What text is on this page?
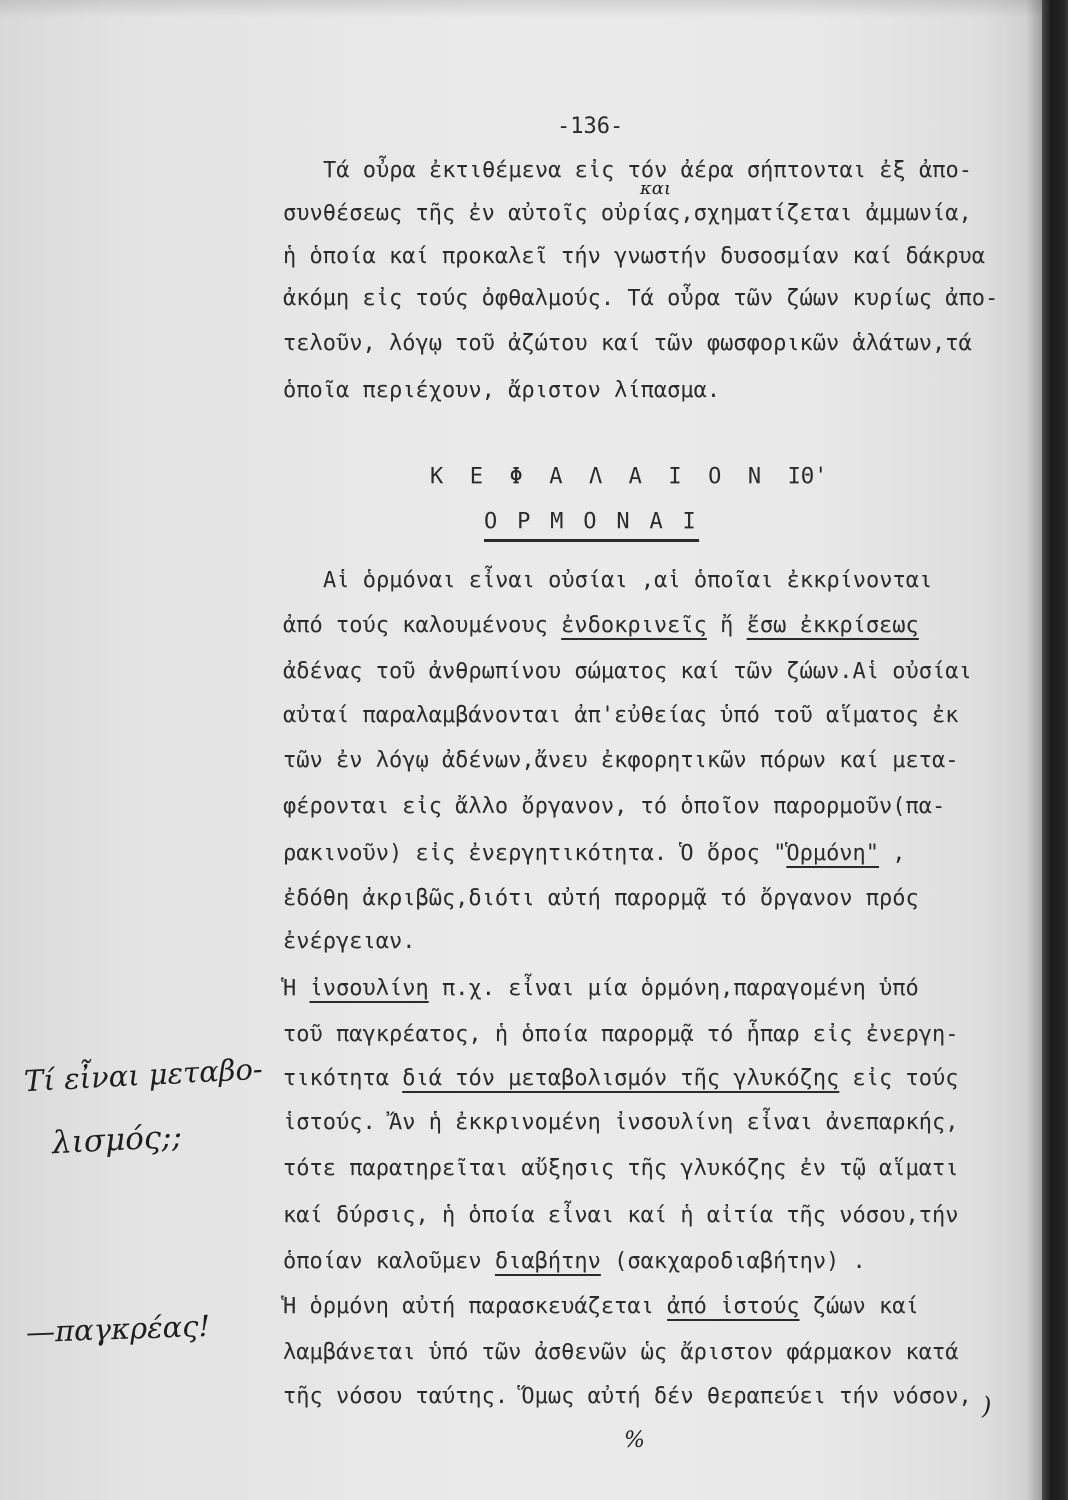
-136-
Τά οὖρα ἐκτιθέμενα εἰς τόν ἀέρα σήπτονται ἐξ ἀπο-
συνθέσεως τῆς ἐν αὐτοῖς οὐρίας,σχηματίζεται ἀμμωνία,
ἡ ὁποία καί προκαλεῖ τήν γνωστήν δυσοσμίαν καί δάκρυα
ἀκόμη εἰς τούς ὀφθαλμούς. Τά οὖρα τῶν ζώων κυρίως ἀπο-
τελοῦν, λόγῳ τοῦ ἀζώτου καί τῶν φωσφορικῶν ἁλάτων,τά
ὁποῖα περιέχουν, ἄριστον λίπασμα.
Κ  Ε  Φ  Α  Λ  Α  Ι  Ο  Ν  ΙΘ'
Ο Ρ Μ Ο Ν Α Ι
Αἱ ὁρμόναι εἶναι οὐσίαι ,αἱ ὁποῖαι ἐκκρίνονται
ἀπό τούς καλουμένους ἐνδοκρινεῖς ἤ ἔσω ἐκκρίσεως
ἀδένας τοῦ ἀνθρωπίνου σώματος καί τῶν ζώων.Αἱ οὐσίαι
αὐταί παραλαμβάνονται ἀπ'εὐθείας ὑπό τοῦ αἵματος ἐκ
τῶν ἐν λόγῳ ἀδένων,ἄνευ ἐκφορητικῶν πόρων καί μετα-
φέρονται εἰς ἄλλο ὄργανον, τό ὁποῖον παρορμοῦν(πα-
ρακινοῦν) εἰς ἐνεργητικότητα. Ὁ ὅρος "Ὁρμόνη" ,
ἐδόθη ἀκριβῶς,διότι αὐτή παρορμᾷ τό ὄργανον πρός
ἐνέργειαν.
Ἡ ἰνσουλίνη π.χ. εἶναι μία ὁρμόνη,παραγομένη ὑπό
τοῦ παγκρέατος, ἡ ὁποία παρορμᾷ τό ἧπαρ εἰς ἐνεργη-
τικότητα διά τόν μεταβολισμόν τῆς γλυκόζης εἰς τούς
ἱστούς. Ἄν ἡ ἐκκρινομένη ἰνσουλίνη εἶναι ἀνεπαρκής,
τότε παρατηρεῖται αὔξησις τῆς γλυκόζης ἐν τῷ αἵματι
καί δύρσις, ἡ ὁποία εἶναι καί ἡ αἰτία τῆς νόσου,τήν
ὁποίαν καλοῦμεν διαβήτην (σακχαροδιαβήτην) .
Ἡ ὁρμόνη αὐτή παρασκευάζεται ἀπό ἱστούς ζώων καί
λαμβάνεται ὑπό τῶν ἀσθενῶν ὡς ἄριστον φάρμακον κατά
τῆς νόσου ταύτης. Ὅμως αὐτή δέν θεραπεύει τήν νόσον,
και
Τί εἶναι μεταβο-
λισμός;;
—παγκρέας!
)
%
